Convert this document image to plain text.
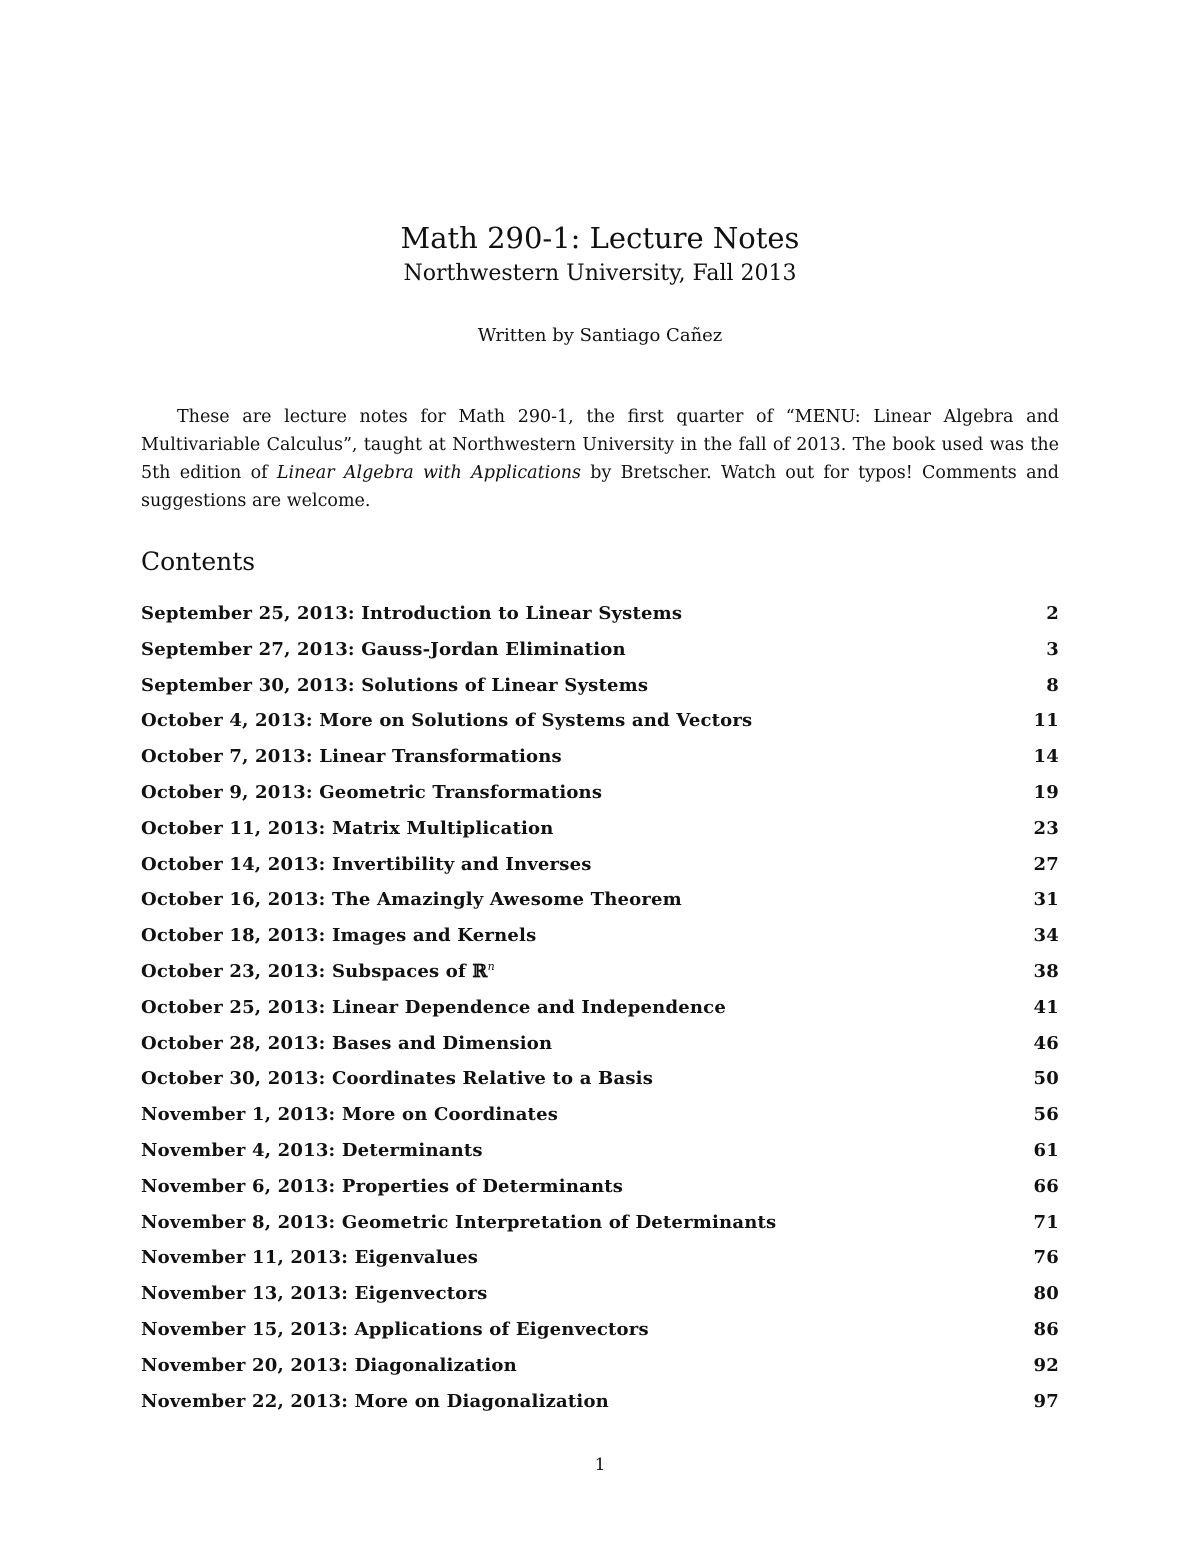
Math 290-1: Lecture Notes

Northwestern University, Fall 2013

Written by Santiago Cañez

These are lecture notes for Math 290-1, the first quarter of “MENU: Linear Algebra and Multivariable Calculus”, taught at Northwestern University in the fall of 2013. The book used was the 5th edition of Linear Algebra with Applications by Bretscher. Watch out for typos! Comments and suggestions are welcome.

Contents
September 25, 2013: Introduction to Linear Systems	2
September 27, 2013: Gauss-Jordan Elimination	3
September 30, 2013: Solutions of Linear Systems	8
October 4, 2013: More on Solutions of Systems and Vectors	11
October 7, 2013: Linear Transformations	14
October 9, 2013: Geometric Transformations	19
October 11, 2013: Matrix Multiplication	23
October 14, 2013: Invertibility and Inverses	27
October 16, 2013: The Amazingly Awesome Theorem	31
October 18, 2013: Images and Kernels	34
October 23, 2013: Subspaces of ℝ$^n$	38
October 25, 2013: Linear Dependence and Independence	41
October 28, 2013: Bases and Dimension	46
October 30, 2013: Coordinates Relative to a Basis	50
November 1, 2013: More on Coordinates	56
November 4, 2013: Determinants	61
November 6, 2013: Properties of Determinants	66
November 8, 2013: Geometric Interpretation of Determinants	71
November 11, 2013: Eigenvalues	76
November 13, 2013: Eigenvectors	80
November 15, 2013: Applications of Eigenvectors	86
November 20, 2013: Diagonalization	92
November 22, 2013: More on Diagonalization	97

1
